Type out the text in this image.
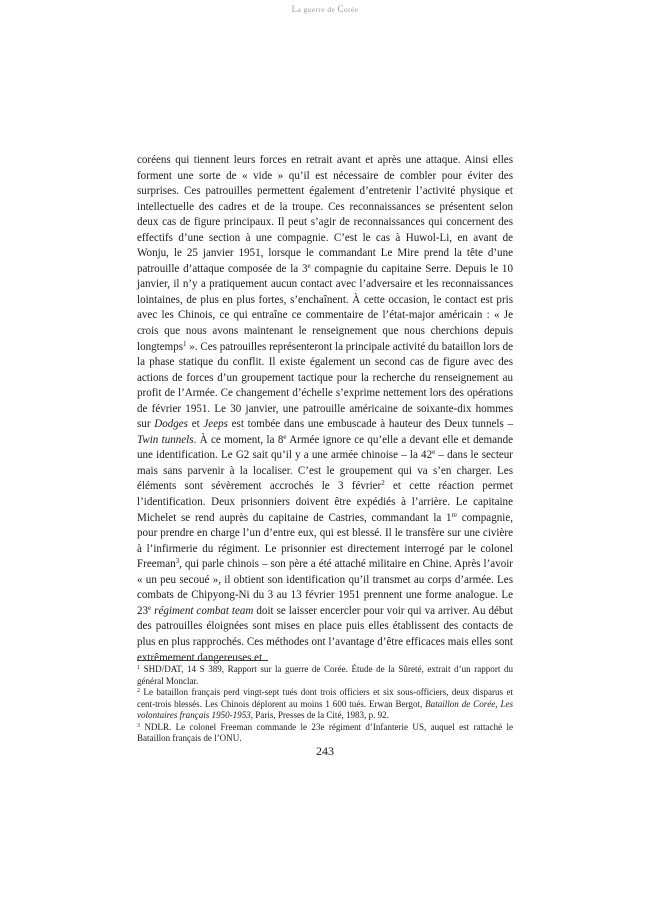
La guerre de Corée

coréens qui tiennent leurs forces en retrait avant et après une attaque. Ainsi elles forment une sorte de « vide » qu’il est nécessaire de combler pour éviter des surprises. Ces patrouilles permettent également d’entretenir l’activité physique et intellectuelle des cadres et de la troupe. Ces reconnaissances se présentent selon deux cas de figure principaux. Il peut s’agir de reconnaissances qui concernent des effectifs d’une section à une compagnie. C’est le cas à Huwol-Li, en avant de Wonju, le 25 janvier 1951, lorsque le commandant Le Mire prend la tête d’une patrouille d’attaque composée de la 3e compagnie du capitaine Serre. Depuis le 10 janvier, il n’y a pratiquement aucun contact avec l’adversaire et les reconnaissances lointaines, de plus en plus fortes, s’enchaînent. À cette occasion, le contact est pris avec les Chinois, ce qui entraîne ce commentaire de l’état-major américain : « Je crois que nous avons maintenant le renseignement que nous cherchions depuis longtemps$^1$ ». Ces patrouilles représenteront la principale activité du bataillon lors de la phase statique du conflit. Il existe également un second cas de figure avec des actions de forces d’un groupement tactique pour la recherche du renseignement au profit de l’Armée. Ce changement d’échelle s’exprime nettement lors des opérations de février 1951. Le 30 janvier, une patrouille américaine de soixante-dix hommes sur Dodges et Jeeps est tombée dans une embuscade à hauteur des Deux tunnels – Twin tunnels. À ce moment, la 8e Armée ignore ce qu’elle a devant elle et demande une identification. Le G2 sait qu’il y a une armée chinoise – la 42e – dans le secteur mais sans parvenir à la localiser. C’est le groupement qui va s’en charger. Les éléments sont sévèrement accrochés le 3 février$^2$ et cette réaction permet l’identification. Deux prisonniers doivent être expédiés à l’arrière. Le capitaine Michelet se rend auprès du capitaine de Castries, commandant la 1re compagnie, pour prendre en charge l’un d’entre eux, qui est blessé. Il le transfère sur une civière à l’infirmerie du régiment. Le prisonnier est directement interrogé par le colonel Freeman$^3$, qui parle chinois – son père a été attaché militaire en Chine. Après l’avoir « un peu secoué », il obtient son identification qu’il transmet au corps d’armée. Les combats de Chipyong-Ni du 3 au 13 février 1951 prennent une forme analogue. Le 23e régiment combat team doit se laisser encercler pour voir qui va arriver. Au début des patrouilles éloignées sont mises en place puis elles établissent des contacts de plus en plus rapprochés. Ces méthodes ont l’avantage d’être efficaces mais elles sont extrêmement dangereuses et

$^1$ SHD/DAT, 14 S 389, Rapport sur la guerre de Corée. Étude de la Sûreté, extrait d’un rapport du général Monclar.

$^2$ Le bataillon français perd vingt-sept tués dont trois officiers et six sous-officiers, deux disparus et cent-trois blessés. Les Chinois déplorent au moins 1 600 tués. Erwan Bergot, Bataillon de Corée, Les volontaires français 1950-1953, Paris, Presses de la Cité, 1983, p. 92.

$^3$ NDLR. Le colonel Freeman commande le 23e régiment d’Infanterie US, auquel est rattaché le Bataillon français de l’ONU.

243
